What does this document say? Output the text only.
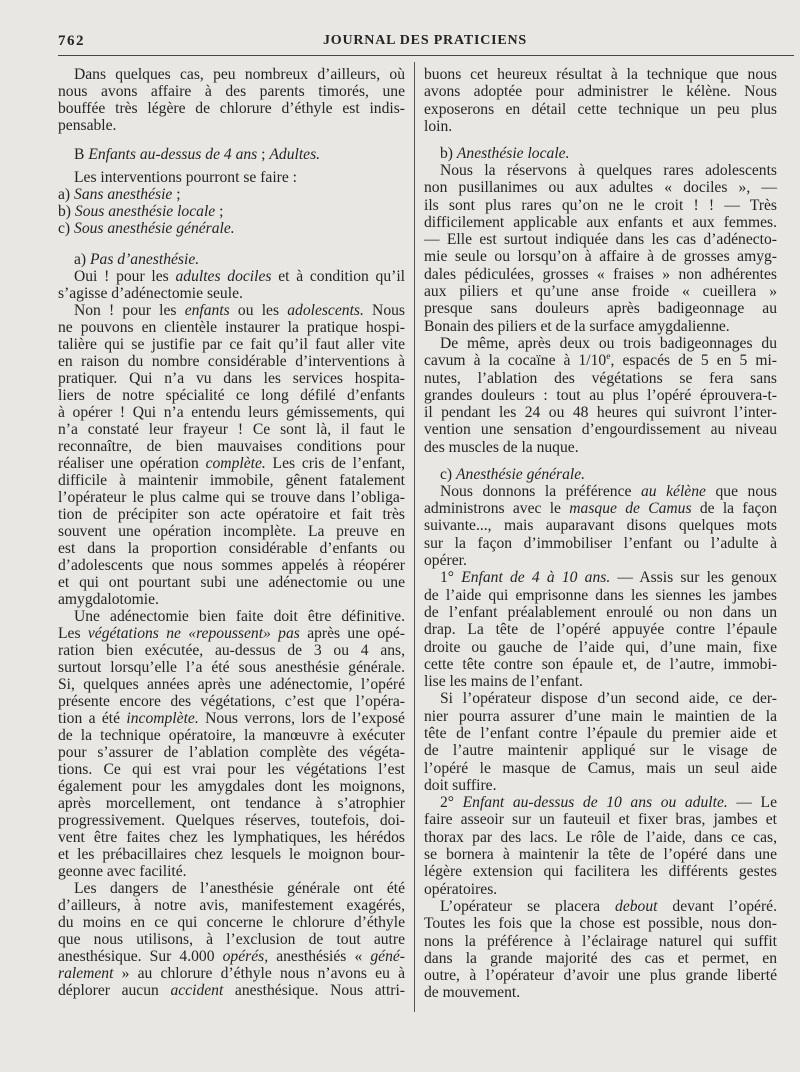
762	JOURNAL DES PRATICIENS
Dans quelques cas, peu nombreux d’ailleurs, où
nous avons affaire à des parents timorés, une
bouffée très légère de chlorure d’éthyle est indis-
pensable.
B Enfants au-dessus de 4 ans ; Adultes.
Les interventions pourront se faire :
a) Sans anesthésie ;
b) Sous anesthésie locale ;
c) Sous anesthésie générale.
a) Pas d’anesthésie.
Oui ! pour les adultes dociles et à condition qu’il
s’agisse d’adénectomie seule.
Non ! pour les enfants ou les adolescents. Nous
ne pouvons en clientèle instaurer la pratique hospi-
talière qui se justifie par ce fait qu’il faut aller vite
en raison du nombre considérable d’interventions à
pratiquer. Qui n’a vu dans les services hospita-
liers de notre spécialité ce long défilé d’enfants
à opérer ! Qui n’a entendu leurs gémissements, qui
n’a constaté leur frayeur ! Ce sont là, il faut le
reconnaître, de bien mauvaises conditions pour
réaliser une opération complète. Les cris de l’enfant,
difficile à maintenir immobile, gênent fatalement
l’opérateur le plus calme qui se trouve dans l’obliga-
tion de précipiter son acte opératoire et fait très
souvent une opération incomplète. La preuve en
est dans la proportion considérable d’enfants ou
d’adolescents que nous sommes appelés à réopérer
et qui ont pourtant subi une adénectomie ou une
amygdalotomie.
Une adénectomie bien faite doit être définitive.
Les végétations ne «repoussent» pas après une opé-
ration bien exécutée, au-dessus de 3 ou 4 ans,
surtout lorsqu’elle l’a été sous anesthésie générale.
Si, quelques années après une adénectomie, l’opéré
présente encore des végétations, c’est que l’opéra-
tion a été incomplète. Nous verrons, lors de l’exposé
de la technique opératoire, la manœuvre à exécuter
pour s’assurer de l’ablation complète des végéta-
tions. Ce qui est vrai pour les végétations l’est
également pour les amygdales dont les moignons,
après morcellement, ont tendance à s’atrophier
progressivement. Quelques réserves, toutefois, doi-
vent être faites chez les lymphatiques, les hérédos
et les prébacillaires chez lesquels le moignon bour-
geonne avec facilité.
Les dangers de l’anesthésie générale ont été
d’ailleurs, à notre avis, manifestement exagérés,
du moins en ce qui concerne le chlorure d’éthyle
que nous utilisons, à l’exclusion de tout autre
anesthésique. Sur 4.000 opérés, anesthésiés « géné-
ralement » au chlorure d’éthyle nous n’avons eu à
déplorer aucun accident anesthésique. Nous attri-
buons cet heureux résultat à la technique que nous
avons adoptée pour administrer le kélène. Nous
exposerons en détail cette technique un peu plus
loin.
b) Anesthésie locale.
Nous la réservons à quelques rares adolescents
non pusillanimes ou aux adultes « dociles », —
ils sont plus rares qu’on ne le croit ! ! — Très
difficilement applicable aux enfants et aux femmes.
— Elle est surtout indiquée dans les cas d’adénecto-
mie seule ou lorsqu’on à affaire à de grosses amyg-
dales pédiculées, grosses « fraises » non adhérentes
aux piliers et qu’une anse froide « cueillera »
presque sans douleurs après badigeonnage au
Bonain des piliers et de la surface amygdalienne.
De même, après deux ou trois badigeonnages du
cavum à la cocaïne à 1/10e, espacés de 5 en 5 mi-
nutes, l’ablation des végétations se fera sans
grandes douleurs : tout au plus l’opéré éprouvera-t-
il pendant les 24 ou 48 heures qui suivront l’inter-
vention une sensation d’engourdissement au niveau
des muscles de la nuque.
c) Anesthésie générale.
Nous donnons la préférence au kélène que nous
administrons avec le masque de Camus de la façon
suivante..., mais auparavant disons quelques mots
sur la façon d’immobiliser l’enfant ou l’adulte à
opérer.
1° Enfant de 4 à 10 ans. — Assis sur les genoux
de l’aide qui emprisonne dans les siennes les jambes
de l’enfant préalablement enroulé ou non dans un
drap. La tête de l’opéré appuyée contre l’épaule
droite ou gauche de l’aide qui, d’une main, fixe
cette tête contre son épaule et, de l’autre, immobi-
lise les mains de l’enfant.
Si l’opérateur dispose d’un second aide, ce der-
nier pourra assurer d’une main le maintien de la
tête de l’enfant contre l’épaule du premier aide et
de l’autre maintenir appliqué sur le visage de
l’opéré le masque de Camus, mais un seul aide
doit suffire.
2° Enfant au-dessus de 10 ans ou adulte. — Le
faire asseoir sur un fauteuil et fixer bras, jambes et
thorax par des lacs. Le rôle de l’aide, dans ce cas,
se bornera à maintenir la tête de l’opéré dans une
légère extension qui facilitera les différents gestes
opératoires.
L’opérateur se placera debout devant l’opéré.
Toutes les fois que la chose est possible, nous don-
nons la préférence à l’éclairage naturel qui suffit
dans la grande majorité des cas et permet, en
outre, à l’opérateur d’avoir une plus grande liberté
de mouvement.
